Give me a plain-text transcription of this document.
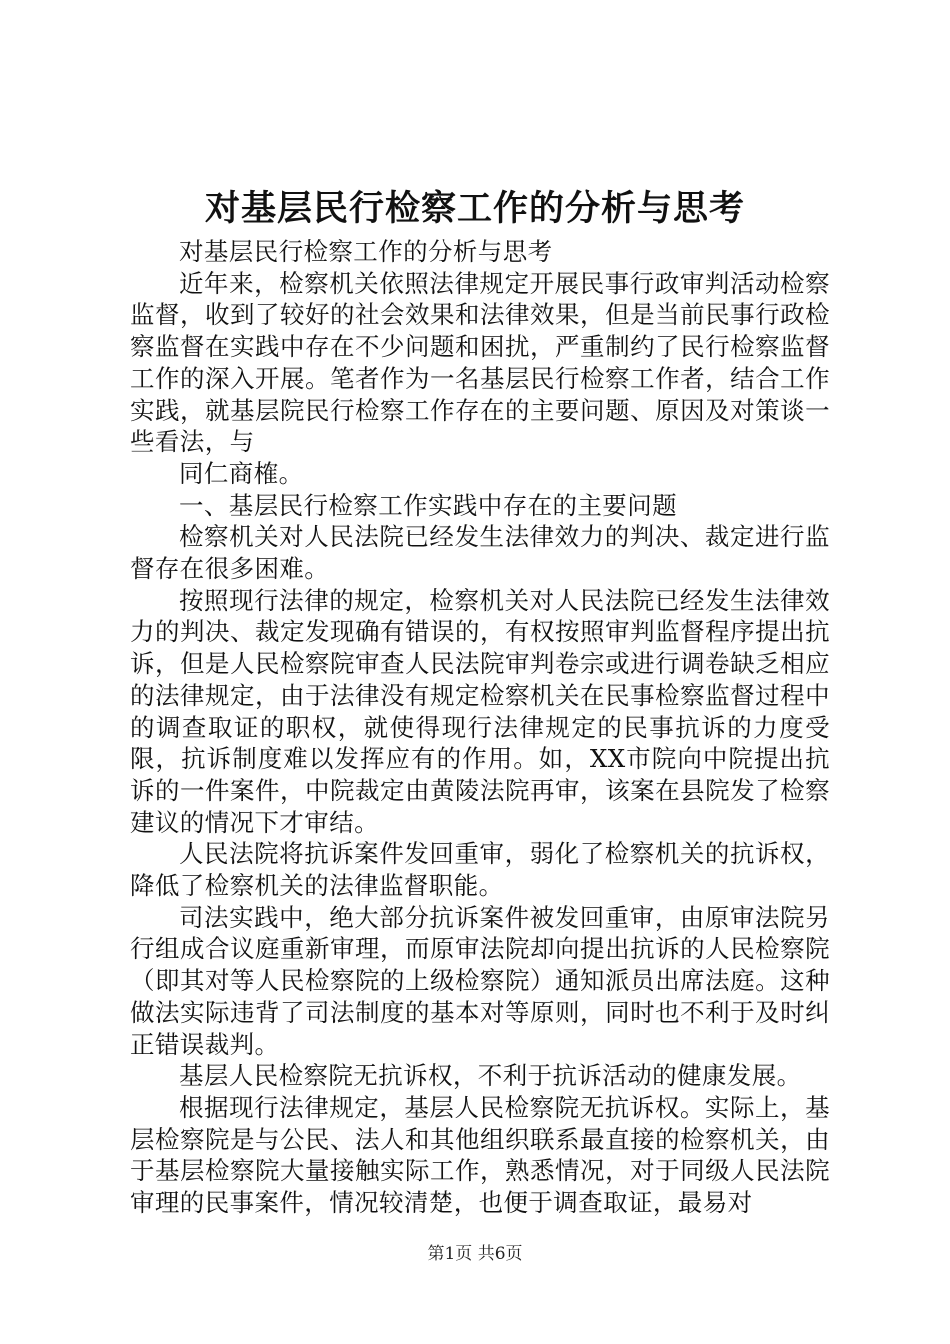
对基层民行检察工作的分析与思考

对基层民行检察工作的分析与思考

近年来，检察机关依照法律规定开展民事行政审判活动检察监督，收到了较好的社会效果和法律效果，但是当前民事行政检察监督在实践中存在不少问题和困扰，严重制约了民行检察监督工作的深入开展。笔者作为一名基层民行检察工作者，结合工作实践，就基层院民行检察工作存在的主要问题、原因及对策谈一些看法，与

同仁商榷。

一、基层民行检察工作实践中存在的主要问题

检察机关对人民法院已经发生法律效力的判决、裁定进行监督存在很多困难。

按照现行法律的规定，检察机关对人民法院已经发生法律效力的判决、裁定发现确有错误的，有权按照审判监督程序提出抗诉，但是人民检察院审查人民法院审判卷宗或进行调卷缺乏相应的法律规定，由于法律没有规定检察机关在民事检察监督过程中的调查取证的职权，就使得现行法律规定的民事抗诉的力度受限，抗诉制度难以发挥应有的作用。如，XX市院向中院提出抗诉的一件案件，中院裁定由黄陵法院再审，该案在县院发了检察建议的情况下才审结。

人民法院将抗诉案件发回重审，弱化了检察机关的抗诉权，降低了检察机关的法律监督职能。

司法实践中，绝大部分抗诉案件被发回重审，由原审法院另行组成合议庭重新审理，而原审法院却向提出抗诉的人民检察院（即其对等人民检察院的上级检察院）通知派员出席法庭。这种做法实际违背了司法制度的基本对等原则，同时也不利于及时纠正错误裁判。

基层人民检察院无抗诉权，不利于抗诉活动的健康发展。

根据现行法律规定，基层人民检察院无抗诉权。实际上，基层检察院是与公民、法人和其他组织联系最直接的检察机关，由于基层检察院大量接触实际工作，熟悉情况，对于同级人民法院审理的民事案件，情况较清楚，也便于调查取证，最易对

第1页 共6页
